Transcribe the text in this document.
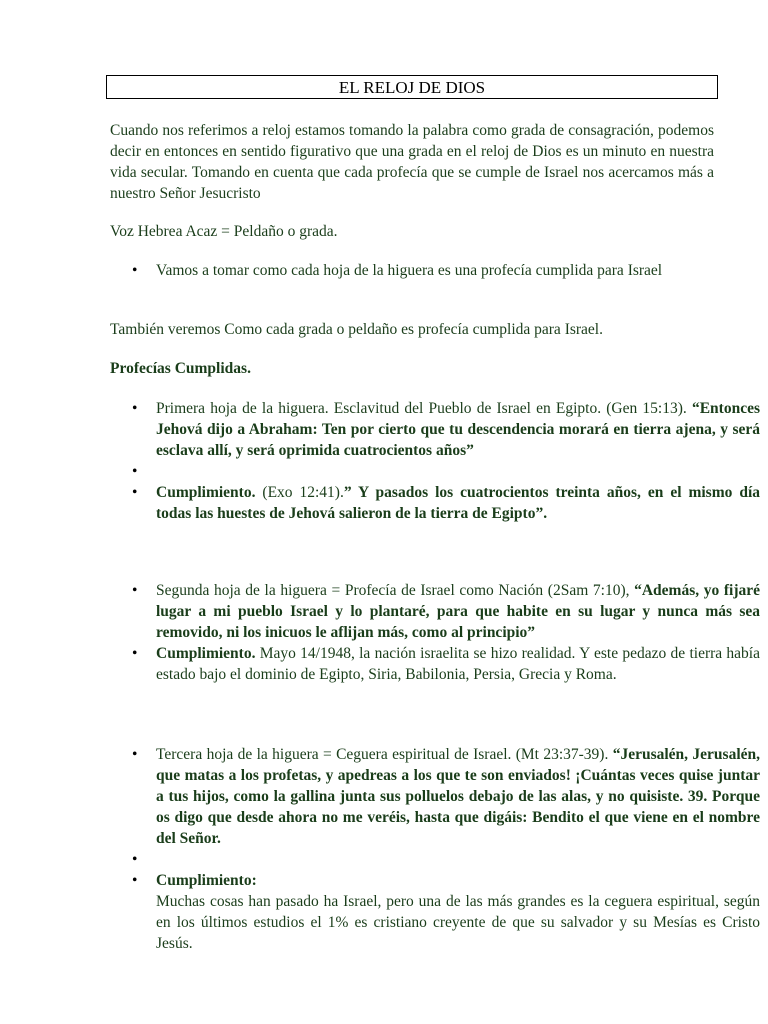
EL RELOJ DE DIOS

Cuando nos referimos a reloj estamos tomando la palabra como grada de consagración, podemos decir en entonces en sentido figurativo que una grada en el reloj de Dios es un minuto en nuestra vida secular. Tomando en cuenta que cada profecía que se cumple de Israel nos acercamos más a nuestro Señor Jesucristo

Voz Hebrea Acaz = Peldaño o grada.

• Vamos a tomar como cada hoja de la higuera es una profecía cumplida para Israel

También veremos Como cada grada o peldaño es profecía cumplida para Israel.

Profecías Cumplidas.

• Primera hoja de la higuera. Esclavitud del Pueblo de Israel en Egipto. (Gen 15:13). “Entonces Jehová dijo a Abraham: Ten por cierto que tu descendencia morará en tierra ajena, y será esclava allí, y será oprimida cuatrocientos años”
•
• Cumplimiento. (Exo 12:41).” Y pasados los cuatrocientos treinta años, en el mismo día todas las huestes de Jehová salieron de la tierra de Egipto”.
• Segunda hoja de la higuera = Profecía de Israel como Nación (2Sam 7:10), “Además, yo fijaré lugar a mi pueblo Israel y lo plantaré, para que habite en su lugar y nunca más sea removido, ni los inicuos le aflijan más, como al principio”
• Cumplimiento. Mayo 14/1948, la nación israelita se hizo realidad. Y este pedazo de tierra había estado bajo el dominio de Egipto, Siria, Babilonia, Persia, Grecia y Roma.
• Tercera hoja de la higuera = Ceguera espiritual de Israel. (Mt 23:37-39). “Jerusalén, Jerusalén, que matas a los profetas, y apedreas a los que te son enviados! ¡Cuántas veces quise juntar a tus hijos, como la gallina junta sus polluelos debajo de las alas, y no quisiste. 39. Porque os digo que desde ahora no me veréis, hasta que digáis: Bendito el que viene en el nombre del Señor.
•
• Cumplimiento:
Muchas cosas han pasado ha Israel, pero una de las más grandes es la ceguera espiritual, según en los últimos estudios el 1% es cristiano creyente de que su salvador y su Mesías es Cristo Jesús.
